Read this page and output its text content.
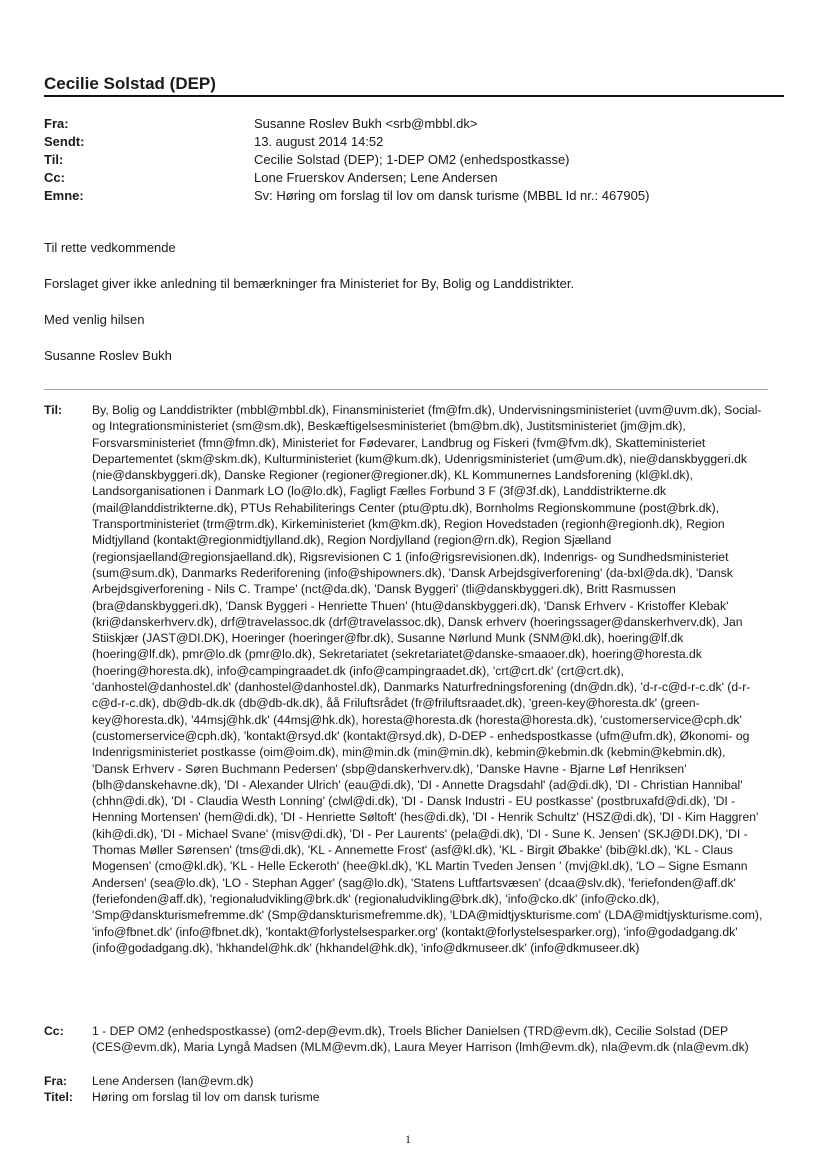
Cecilie Solstad (DEP)
Fra:	Susanne Roslev Bukh <srb@mbbl.dk>
Sendt:	13. august 2014 14:52
Til:	Cecilie Solstad (DEP); 1-DEP OM2 (enhedspostkasse)
Cc:	Lone Fruerskov Andersen; Lene Andersen
Emne:	Sv: Høring om forslag til lov om dansk turisme (MBBL Id nr.: 467905)
Til rette vedkommende
Forslaget giver ikke anledning til bemærkninger fra Ministeriet for By, Bolig og Landdistrikter.
Med venlig hilsen
Susanne Roslev Bukh
Til:	By, Bolig og Landdistrikter (mbbl@mbbl.dk), Finansministeriet (fm@fm.dk), Undervisningsministeriet (uvm@uvm.dk), Social- og Integrationsministeriet (sm@sm.dk), Beskæftigelsesministeriet (bm@bm.dk), Justitsministeriet (jm@jm.dk), Forsvarsministeriet (fmn@fmn.dk), Ministeriet for Fødevarer, Landbrug og Fiskeri (fvm@fvm.dk), Skatteministeriet Departementet (skm@skm.dk), Kulturministeriet (kum@kum.dk), Udenrigsministeriet (um@um.dk), nie@danskbyggeri.dk (nie@danskbyggeri.dk), Danske Regioner (regioner@regioner.dk), KL Kommunernes Landsforening (kl@kl.dk), Landsorganisationen i Danmark LO (lo@lo.dk), Fagligt Fælles Forbund 3 F (3f@3f.dk), Landdistrikterne.dk (mail@landdistrikterne.dk), PTUs Rehabiliterings Center (ptu@ptu.dk), Bornholms Regionskommune (post@brk.dk), Transportministeriet (trm@trm.dk), Kirkeministeriet (km@km.dk), Region Hovedstaden (regionh@regionh.dk), Region Midtjylland (kontakt@regionmidtjylland.dk), Region Nordjylland (region@rn.dk), Region Sjælland (regionsjaelland@regionsjaelland.dk), Rigsrevisionen C 1 (info@rigsrevisionen.dk), Indenrigs- og Sundhedsministeriet (sum@sum.dk), Danmarks Rederiforening (info@shipowners.dk), 'Dansk Arbejdsgiverforening' (da-bxl@da.dk), 'Dansk Arbejdsgiverforening - Nils C. Trampe' (nct@da.dk), 'Dansk Byggeri' (tli@danskbyggeri.dk), Britt Rasmussen (bra@danskbyggeri.dk), 'Dansk Byggeri - Henriette Thuen' (htu@danskbyggeri.dk), 'Dansk Erhverv - Kristoffer Klebak' (kri@danskerhverv.dk), drf@travelassoc.dk (drf@travelassoc.dk), Dansk erhverv (hoeringssager@danskerhverv.dk), Jan Stiiskjær (JAST@DI.DK), Hoeringer (hoeringer@fbr.dk), Susanne Nørlund Munk (SNM@kl.dk), hoering@lf.dk (hoering@lf.dk), pmr@lo.dk (pmr@lo.dk), Sekretariatet (sekretariatet@danske-smaaoer.dk), hoering@horesta.dk (hoering@horesta.dk), info@campingraadet.dk (info@campingraadet.dk), 'crt@crt.dk' (crt@crt.dk), 'danhostel@danhostel.dk' (danhostel@danhostel.dk), Danmarks Naturfredningsforening (dn@dn.dk), 'd-r-c@d-r-c.dk' (d-r-c@d-r-c.dk), db@db-dk.dk (db@db-dk.dk), åå Friluftsrådet (fr@friluftsraadet.dk), 'green-key@horesta.dk' (green-key@horesta.dk), '44msj@hk.dk' (44msj@hk.dk), horesta@horesta.dk (horesta@horesta.dk), 'customerservice@cph.dk' (customerservice@cph.dk), 'kontakt@rsyd.dk' (kontakt@rsyd.dk), D-DEP - enhedspostkasse (ufm@ufm.dk), Økonomi- og Indenrigsministeriet postkasse (oim@oim.dk), min@min.dk (min@min.dk), kebmin@kebmin.dk (kebmin@kebmin.dk), 'Dansk Erhverv - Søren Buchmann Pedersen' (sbp@danskerhverv.dk), 'Danske Havne - Bjarne Løf Henriksen' (blh@danskehavne.dk), 'DI - Alexander Ulrich' (eau@di.dk), 'DI - Annette Dragsdahl' (ad@di.dk), 'DI - Christian Hannibal' (chhn@di.dk), 'DI - Claudia Westh Lonning' (clwl@di.dk), 'DI - Dansk Industri - EU postkasse' (postbruxafd@di.dk), 'DI - Henning Mortensen' (hem@di.dk), 'DI - Henriette Søltoft' (hes@di.dk), 'DI - Henrik Schultz' (HSZ@di.dk), 'DI - Kim Haggren' (kih@di.dk), 'DI - Michael Svane' (misv@di.dk), 'DI - Per Laurents' (pela@di.dk), 'DI - Sune K. Jensen' (SKJ@DI.DK), 'DI - Thomas Møller Sørensen' (tms@di.dk), 'KL - Annemette Frost' (asf@kl.dk), 'KL - Birgit Øbakke' (bib@kl.dk), 'KL - Claus Mogensen' (cmo@kl.dk), 'KL - Helle Eckeroth' (hee@kl.dk), 'KL Martin Tveden Jensen ' (mvj@kl.dk), 'LO – Signe Esmann Andersen' (sea@lo.dk), 'LO - Stephan Agger' (sag@lo.dk), 'Statens Luftfartsvæsen' (dcaa@slv.dk), 'feriefonden@aff.dk' (feriefonden@aff.dk), 'regionaludvikling@brk.dk' (regionaludvikling@brk.dk), 'info@cko.dk' (info@cko.dk), 'Smp@danskturismefremme.dk' (Smp@danskturismefremme.dk), 'LDA@midtjyskturisme.com' (LDA@midtjyskturisme.com), 'info@fbnet.dk' (info@fbnet.dk), 'kontakt@forlystelsesparker.org' (kontakt@forlystelsesparker.org), 'info@godadgang.dk' (info@godadgang.dk), 'hkhandel@hk.dk' (hkhandel@hk.dk), 'info@dkmuseer.dk' (info@dkmuseer.dk)
Cc:	1 - DEP OM2 (enhedspostkasse) (om2-dep@evm.dk), Troels Blicher Danielsen (TRD@evm.dk), Cecilie Solstad (DEP (CES@evm.dk), Maria Lyngå Madsen (MLM@evm.dk), Laura Meyer Harrison (lmh@evm.dk), nla@evm.dk (nla@evm.dk)
Fra:	Lene Andersen (lan@evm.dk)
Titel:	Høring om forslag til lov om dansk turisme
1
